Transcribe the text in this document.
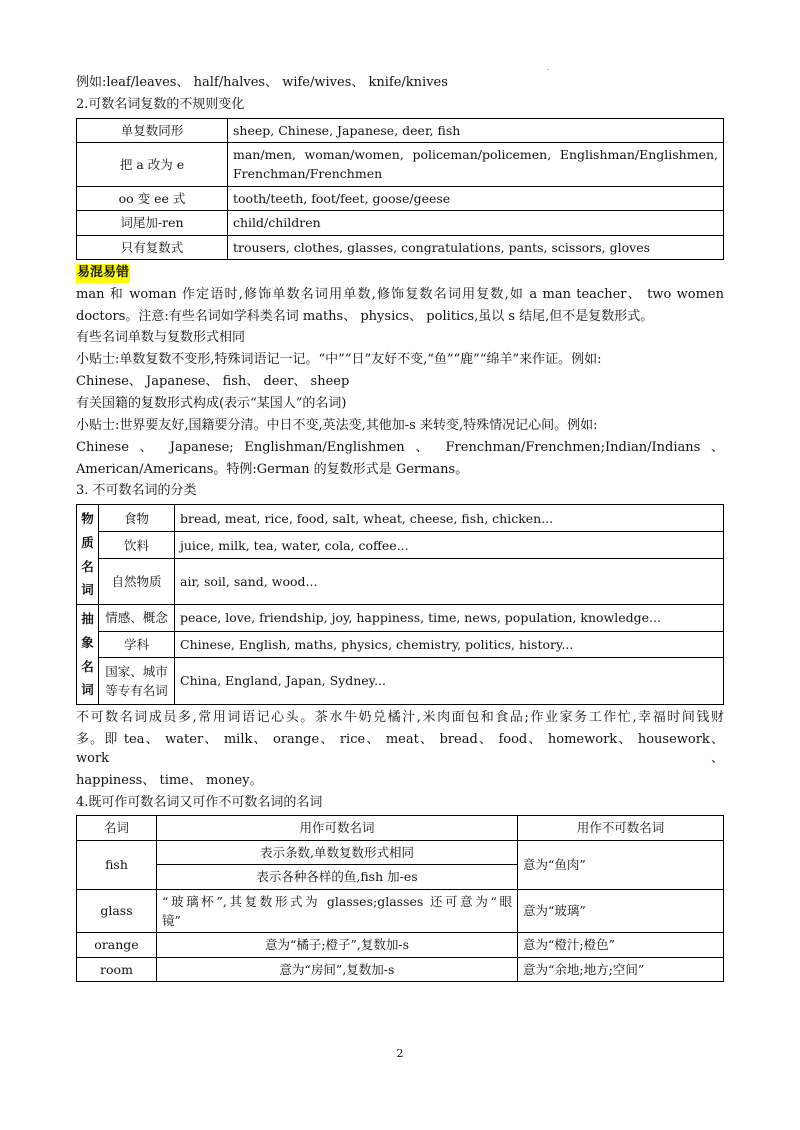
.

例如:leaf/leaves、 half/halves、 wife/wives、 knife/knives

2.可数名词复数的不规则变化

单复数同形	sheep, Chinese, Japanese, deer, fish
把 a 改为 e	man/men, woman/women, policeman/policemen, Englishman/Englishmen,
Frenchman/Frenchmen

oo 变 ee 式	tooth/teeth, foot/feet, goose/geese
词尾加-ren	child/children
只有复数式	trousers, clothes, glasses, congratulations, pants, scissors, gloves

易混易错

man 和 woman 作定语时,修饰单数名词用单数,修饰复数名词用复数,如 a man teacher、 two women

doctors。注意:有些名词如学科类名词 maths、 physics、 politics,虽以 s 结尾,但不是复数形式。

有些名词单数与复数形式相同

小贴士:单数复数不变形,特殊词语记一记。“中”“日”友好不变,“鱼”“鹿”“绵羊”来作证。例如:

Chinese、 Japanese、 fish、 deer、 sheep

有关国籍的复数形式构成(表示“某国人”的名词)

小贴士:世界要友好,国籍要分清。中日不变,英法变,其他加-s 来转变,特殊情况记心间。例如:

Chinese 、 Japanese; Englishman/Englishmen 、 Frenchman/Frenchmen;Indian/Indians 、

American/Americans。特例:German 的复数形式是 Germans。

3. 不可数名词的分类

物
质
名
词	食物	bread, meat, rice, food, salt, wheat, cheese, fish, chicken...
	饮料	juice, milk, tea, water, cola, coffee...
	自然物质	air, soil, sand, wood...

抽
象
名
词	情感、概念	peace, love, friendship, joy, happiness, time, news, population, knowledge...
	学科	Chinese, English, maths, physics, chemistry, politics, history...

	国家、城市
等专有名词	China, England, Japan, Sydney...

不可数名词成员多,常用词语记心头。茶水牛奶兑橘汁,米肉面包和食品;作业家务工作忙,幸福时间钱财

多。即 tea、 water、 milk、 orange、 rice、 meat、 bread、 food、 homework、 housework、 work、

happiness、 time、 money。

4.既可作可数名词又可作不可数名词的名词

名词	用作可数名词	用作不可数名词
fish	表示条数,单数复数形式相同	意为“鱼肉”
	表示各种各样的鱼,fish 加-es	
glass	“玻璃杯”,其复数形式为 glasses;glasses 还可意为“眼
镜”	意为“玻璃”
orange	意为“橘子;橙子”,复数加-s	意为“橙汁;橙色”
room	意为“房间”,复数加-s	意为“余地;地方;空间”
2
